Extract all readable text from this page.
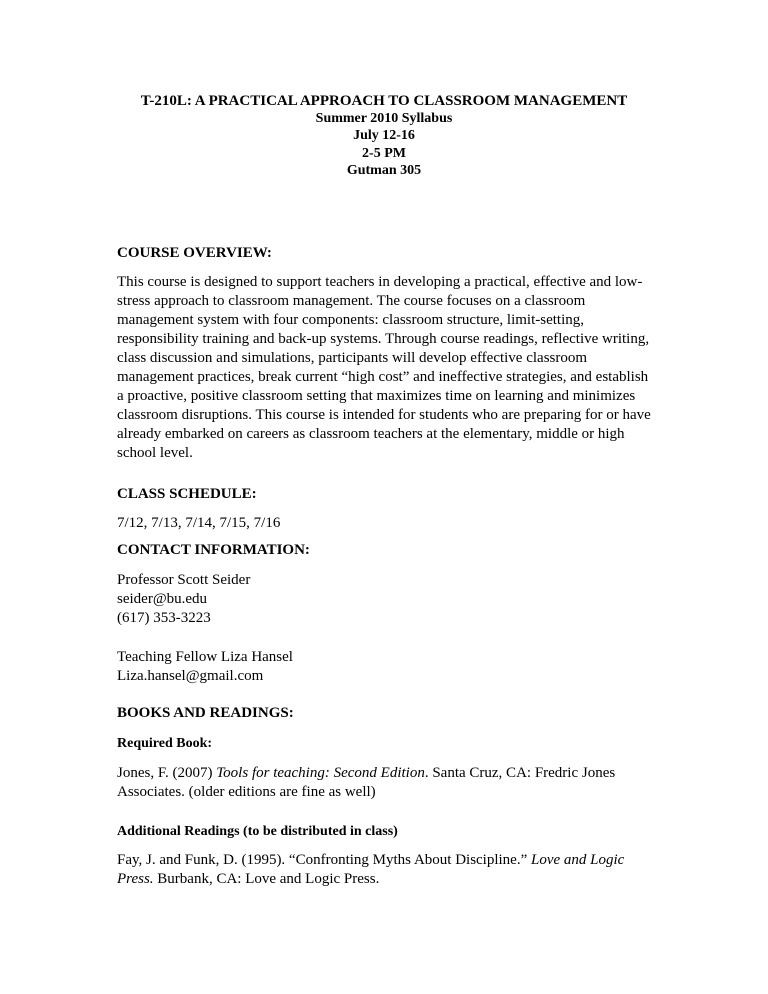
T-210L: A PRACTICAL APPROACH TO CLASSROOM MANAGEMENT
Summer 2010 Syllabus
July 12-16
2-5 PM
Gutman 305
COURSE OVERVIEW:
This course is designed to support teachers in developing a practical, effective and low-
stress approach to classroom management. The course focuses on a classroom
management system with four components: classroom structure, limit-setting,
responsibility training and back-up systems. Through course readings, reflective writing,
class discussion and simulations, participants will develop effective classroom
management practices, break current “high cost” and ineffective strategies, and establish
a proactive, positive classroom setting that maximizes time on learning and minimizes
classroom disruptions. This course is intended for students who are preparing for or have
already embarked on careers as classroom teachers at the elementary, middle or high
school level.
CLASS SCHEDULE:
7/12, 7/13, 7/14, 7/15, 7/16
CONTACT INFORMATION:
Professor Scott Seider
seider@bu.edu
(617) 353-3223
Teaching Fellow Liza Hansel
Liza.hansel@gmail.com
BOOKS AND READINGS:
Required Book:
Jones, F. (2007) Tools for teaching: Second Edition. Santa Cruz, CA: Fredric Jones
Associates. (older editions are fine as well)
Additional Readings (to be distributed in class)
Fay, J. and Funk, D. (1995). “Confronting Myths About Discipline.” Love and Logic
Press. Burbank, CA: Love and Logic Press.
